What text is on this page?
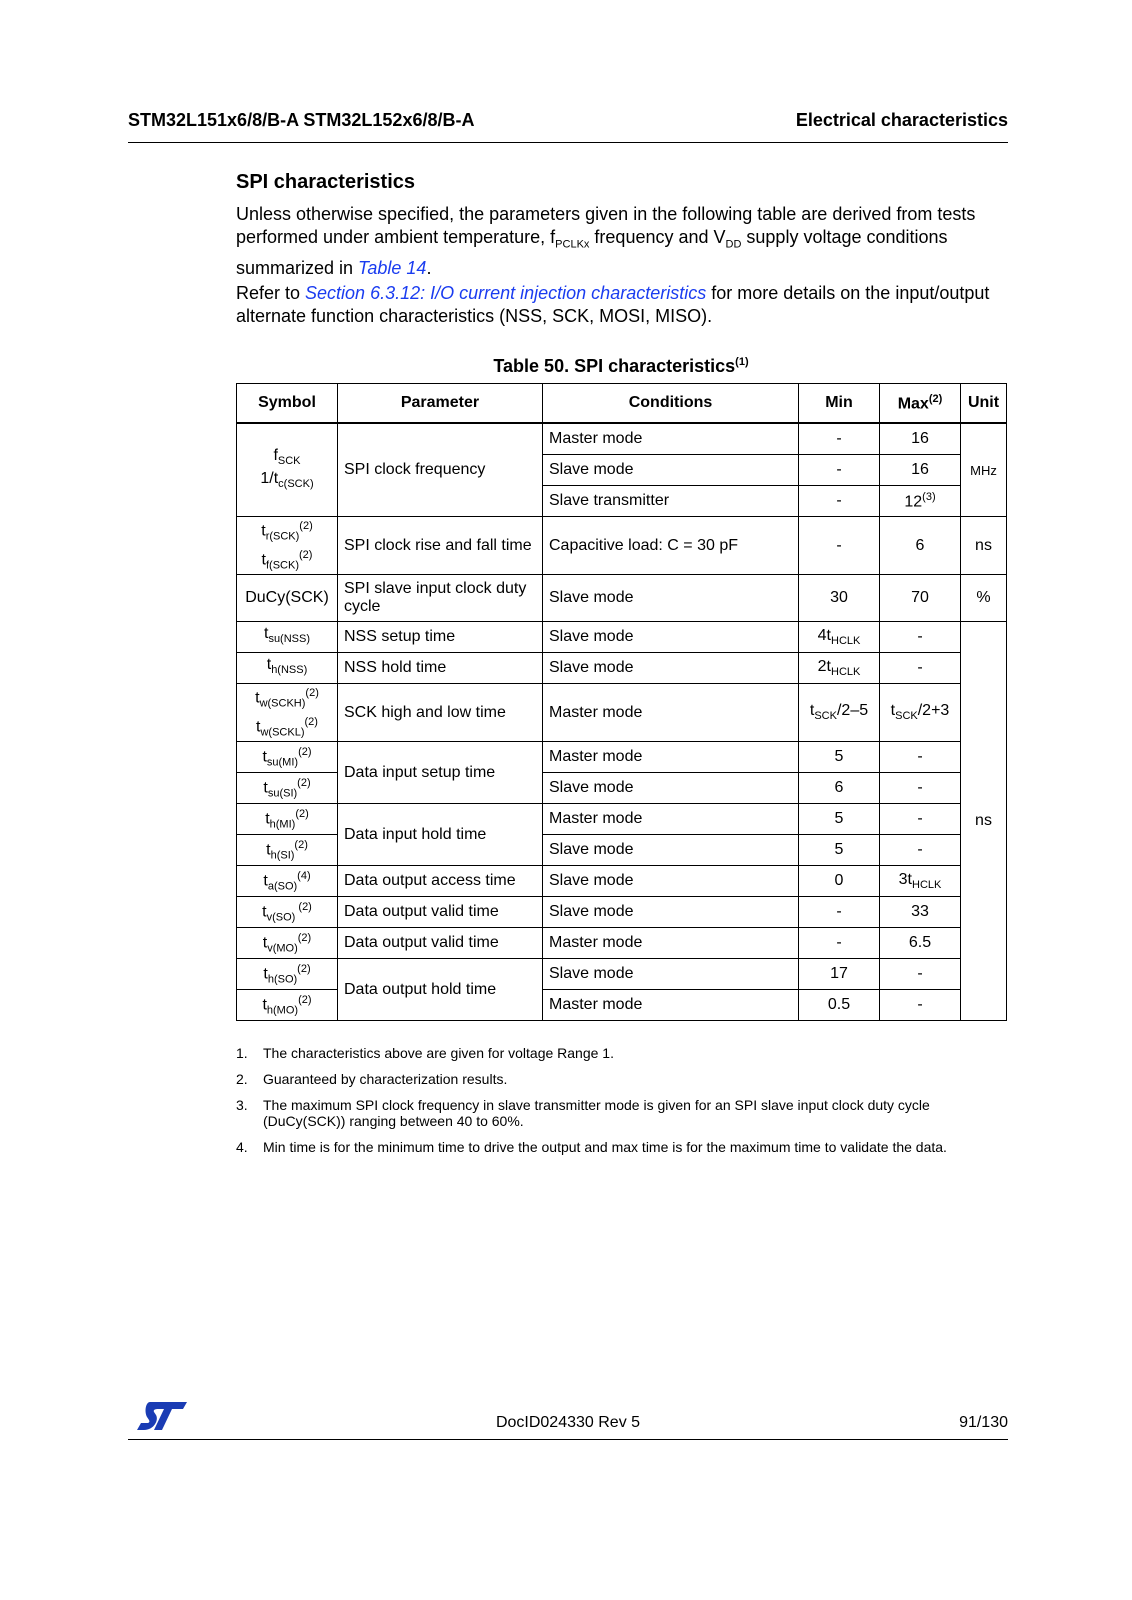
STM32L151x6/8/B-A STM32L152x6/8/B-A	Electrical characteristics
SPI characteristics
Unless otherwise specified, the parameters given in the following table are derived from tests performed under ambient temperature, $f_{PCLKx}$ frequency and $V_{DD}$ supply voltage conditions summarized in Table 14.
Refer to Section 6.3.12: I/O current injection characteristics for more details on the input/output alternate function characteristics (NSS, SCK, MOSI, MISO).
Table 50. SPI characteristics$^{(1)}$
Symbol	Parameter	Conditions	Min	Max$^{(2)}$	Unit
$f_{SCK}$
$1/t_{c(SCK)}$	SPI clock frequency	Master mode	-	16	MHz
		Slave mode	-	16	
		Slave transmitter	-	12$^{(3)}$
$t_{r(SCK)}^{(2)}$
$t_{f(SCK)}^{(2)}$	SPI clock rise and fall time	Capacitive load: C = 30 pF	-	6	ns
DuCy(SCK)	SPI slave input clock duty cycle	Slave mode	30	70	%
$t_{su(NSS)}$	NSS setup time	Slave mode	$4t_{HCLK}$	-	ns
$t_{h(NSS)}$	NSS hold time	Slave mode	$2t_{HCLK}$	-	
$t_{w(SCKH)}^{(2)}$
$t_{w(SCKL)}^{(2)}$	SCK high and low time	Master mode	$t_{SCK}/2-5$	$t_{SCK}/2+3$	
$t_{su(MI)}^{(2)}$	Data input setup time	Master mode	5	-	
$t_{su(SI)}^{(2)}$		Slave mode	6	-	
$t_{h(MI)}^{(2)}$	Data input hold time	Master mode	5	-	
$t_{h(SI)}^{(2)}$		Slave mode	5	-	
$t_{a(SO)}^{(4)}$	Data output access time	Slave mode	0	$3t_{HCLK}$
$t_{v(SO)}$ $^{(2)}$	Data output valid time	Slave mode	-	33	
$t_{v(MO)}^{(2)}$	Data output valid time	Master mode	-	6.5	
$t_{h(SO)}^{(2)}$	Data output hold time	Slave mode	17	-	
$t_{h(MO)}^{(2)}$		Master mode	0.5	-	
1. The characteristics above are given for voltage Range 1.
2. Guaranteed by characterization results.
3. The maximum SPI clock frequency in slave transmitter mode is given for an SPI slave input clock duty cycle (DuCy(SCK)) ranging between 40 to 60%.
4. Min time is for the minimum time to drive the output and max time is for the maximum time to validate the data.
DocID024330 Rev 5	91/130
